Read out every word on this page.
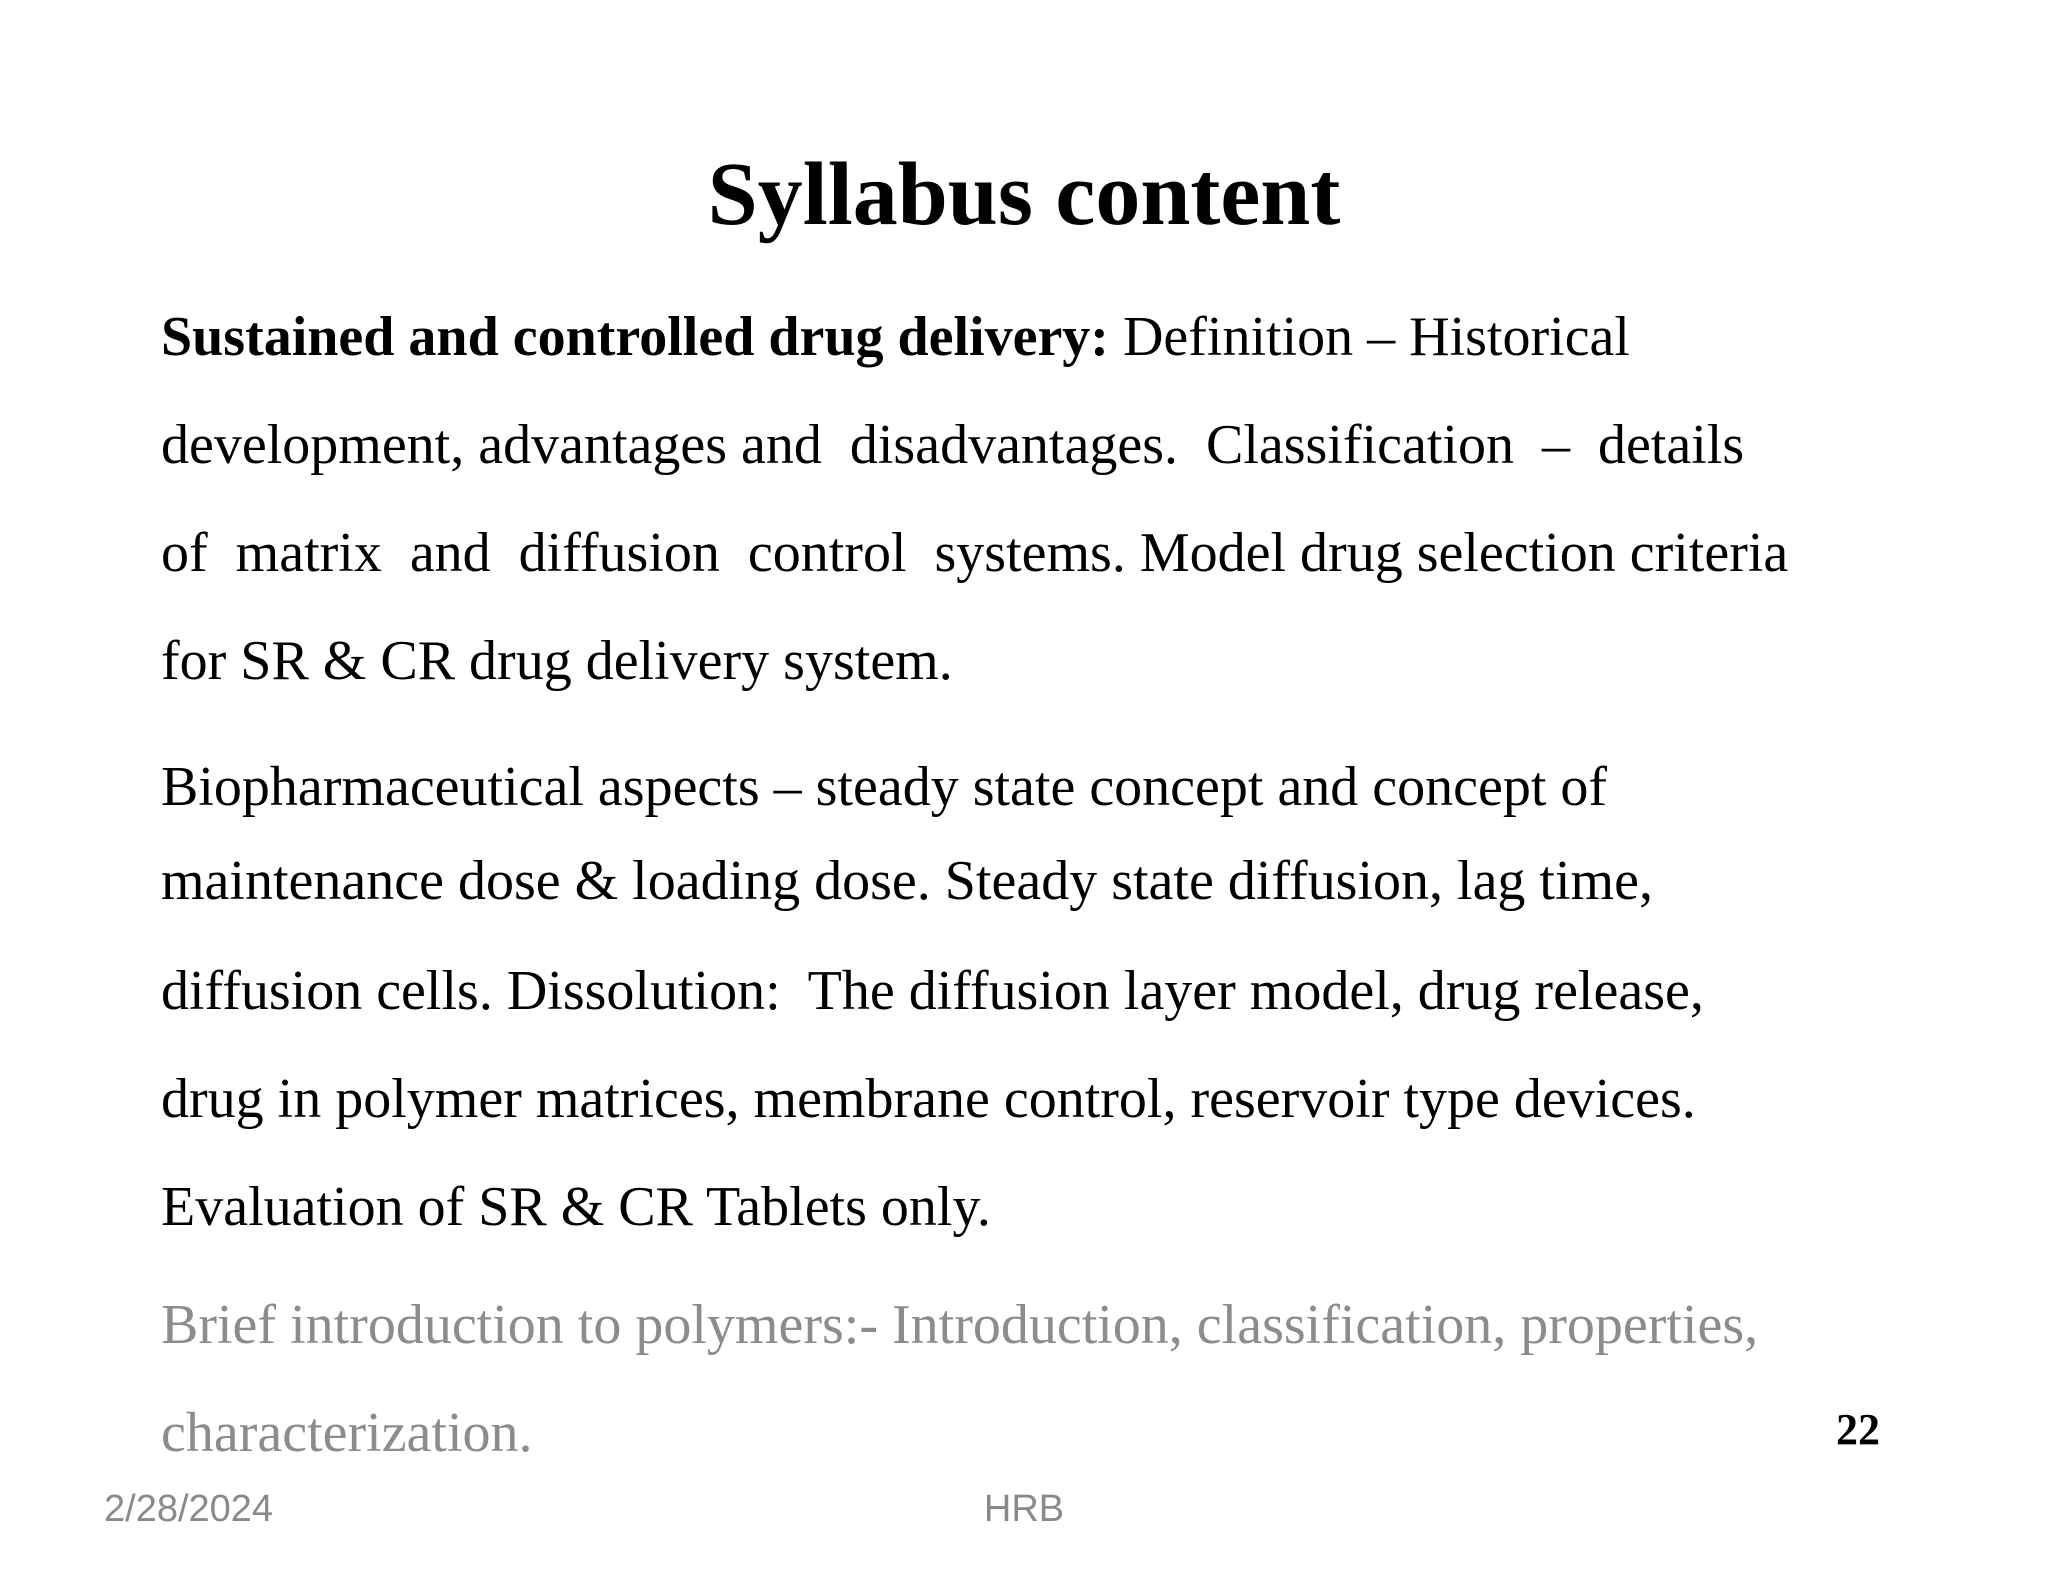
Syllabus content
Sustained and controlled drug delivery: Definition – Historical
development, advantages and  disadvantages.  Classification  –  details
of  matrix  and  diffusion  control  systems. Model drug selection criteria
for SR & CR drug delivery system.
Biopharmaceutical aspects – steady state concept and concept of
maintenance dose & loading dose. Steady state diffusion, lag time,
diffusion cells. Dissolution:  The diffusion layer model, drug release,
drug in polymer matrices, membrane control, reservoir type devices.
Evaluation of SR & CR Tablets only.
Brief introduction to polymers:- Introduction, classification, properties,
characterization.	22
2/28/2024	HRB
